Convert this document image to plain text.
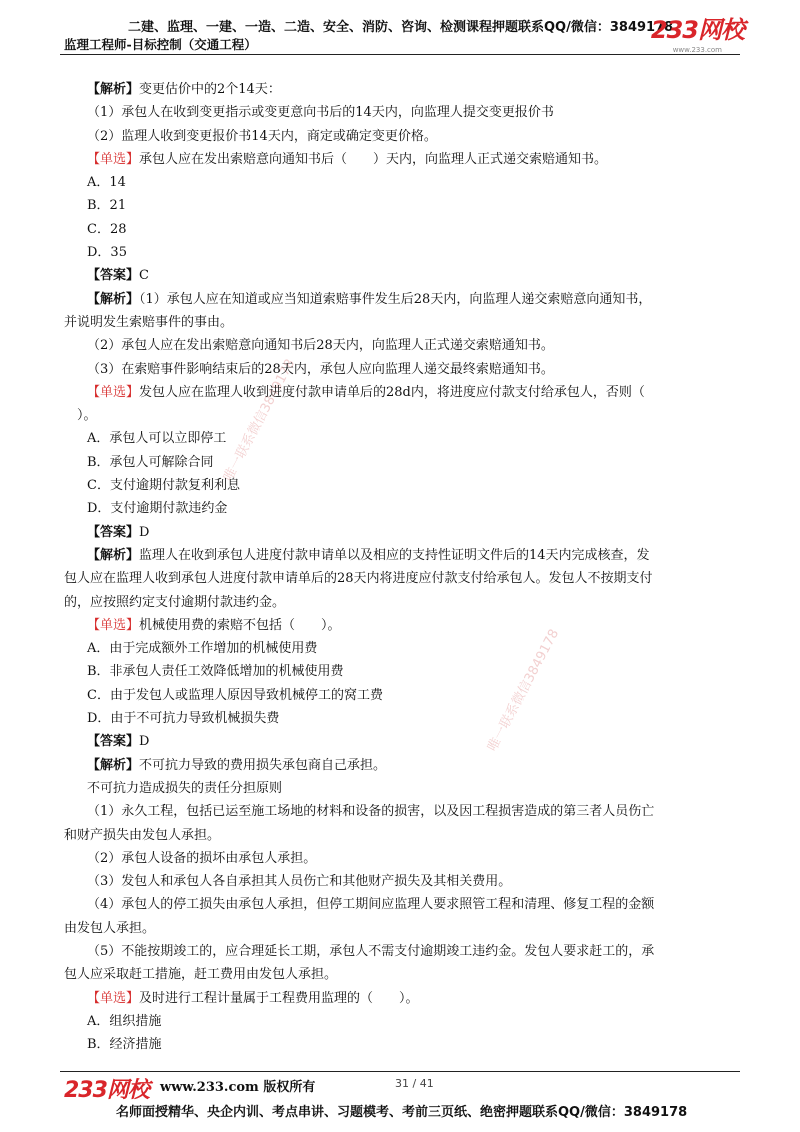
二建、监理、一建、一造、二造、安全、消防、咨询、检测课程押题联系QQ/微信：3849178
监理工程师-目标控制（交通工程）
233网校
www.233.com
唯一联系微信3849178
唯一联系微信3849178

【解析】变更估价中的2个14天：

（1）承包人在收到变更指示或变更意向书后的14天内，向监理人提交变更报价书

（2）监理人收到变更报价书14天内，商定或确定变更价格。

【单选】承包人应在发出索赔意向通知书后（　　）天内，向监理人正式递交索赔通知书。

A．14

B．21

C．28

D．35

【答案】C

【解析】（1）承包人应在知道或应当知道索赔事件发生后28天内，向监理人递交索赔意向通知书，

并说明发生索赔事件的事由。

（2）承包人应在发出索赔意向通知书后28天内，向监理人正式递交索赔通知书。

（3）在索赔事件影响结束后的28天内，承包人应向监理人递交最终索赔通知书。

【单选】发包人应在监理人收到进度付款申请单后的28d内，将进度应付款支付给承包人，否则（

　）。

A．承包人可以立即停工

B．承包人可解除合同

C．支付逾期付款复利利息

D．支付逾期付款违约金

【答案】D

【解析】监理人在收到承包人进度付款申请单以及相应的支持性证明文件后的14天内完成核查，发

包人应在监理人收到承包人进度付款申请单后的28天内将进度应付款支付给承包人。发包人不按期支付

的，应按照约定支付逾期付款违约金。

【单选】机械使用费的索赔不包括（　　）。

A．由于完成额外工作增加的机械使用费

B．非承包人责任工效降低增加的机械使用费

C．由于发包人或监理人原因导致机械停工的窝工费

D．由于不可抗力导致机械损失费

【答案】D

【解析】不可抗力导致的费用损失承包商自己承担。

不可抗力造成损失的责任分担原则

（1）永久工程，包括已运至施工场地的材料和设备的损害，以及因工程损害造成的第三者人员伤亡

和财产损失由发包人承担。

（2）承包人设备的损坏由承包人承担。

（3）发包人和承包人各自承担其人员伤亡和其他财产损失及其相关费用。

（4）承包人的停工损失由承包人承担，但停工期间应监理人要求照管工程和清理、修复工程的金额

由发包人承担。

（5）不能按期竣工的，应合理延长工期，承包人不需支付逾期竣工违约金。发包人要求赶工的，承

包人应采取赶工措施，赶工费用由发包人承担。

【单选】及时进行工程计量属于工程费用监理的（　　）。

A．组织措施

B．经济措施

233网校 www.233.com 版权所有	31 / 41
名师面授精华、央企内训、考点串讲、习题模考、考前三页纸、绝密押题联系QQ/微信：3849178
